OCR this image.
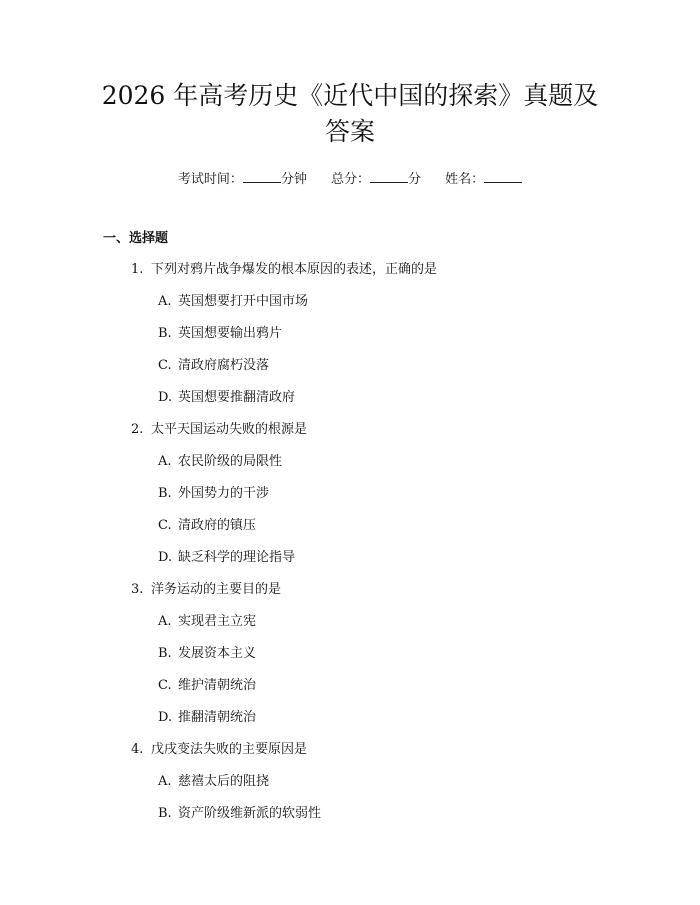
2026 年高考历史《近代中国的探索》真题及
答案
考试时间：	分钟 总分：	分 姓名：
一、选择题
1. 下列对鸦片战争爆发的根本原因的表述，正确的是
A. 英国想要打开中国市场
B. 英国想要输出鸦片
C. 清政府腐朽没落
D. 英国想要推翻清政府
2. 太平天国运动失败的根源是
A. 农民阶级的局限性
B. 外国势力的干涉
C. 清政府的镇压
D. 缺乏科学的理论指导
3. 洋务运动的主要目的是
A. 实现君主立宪
B. 发展资本主义
C. 维护清朝统治
D. 推翻清朝统治
4. 戊戌变法失败的主要原因是
A. 慈禧太后的阻挠
B. 资产阶级维新派的软弱性
